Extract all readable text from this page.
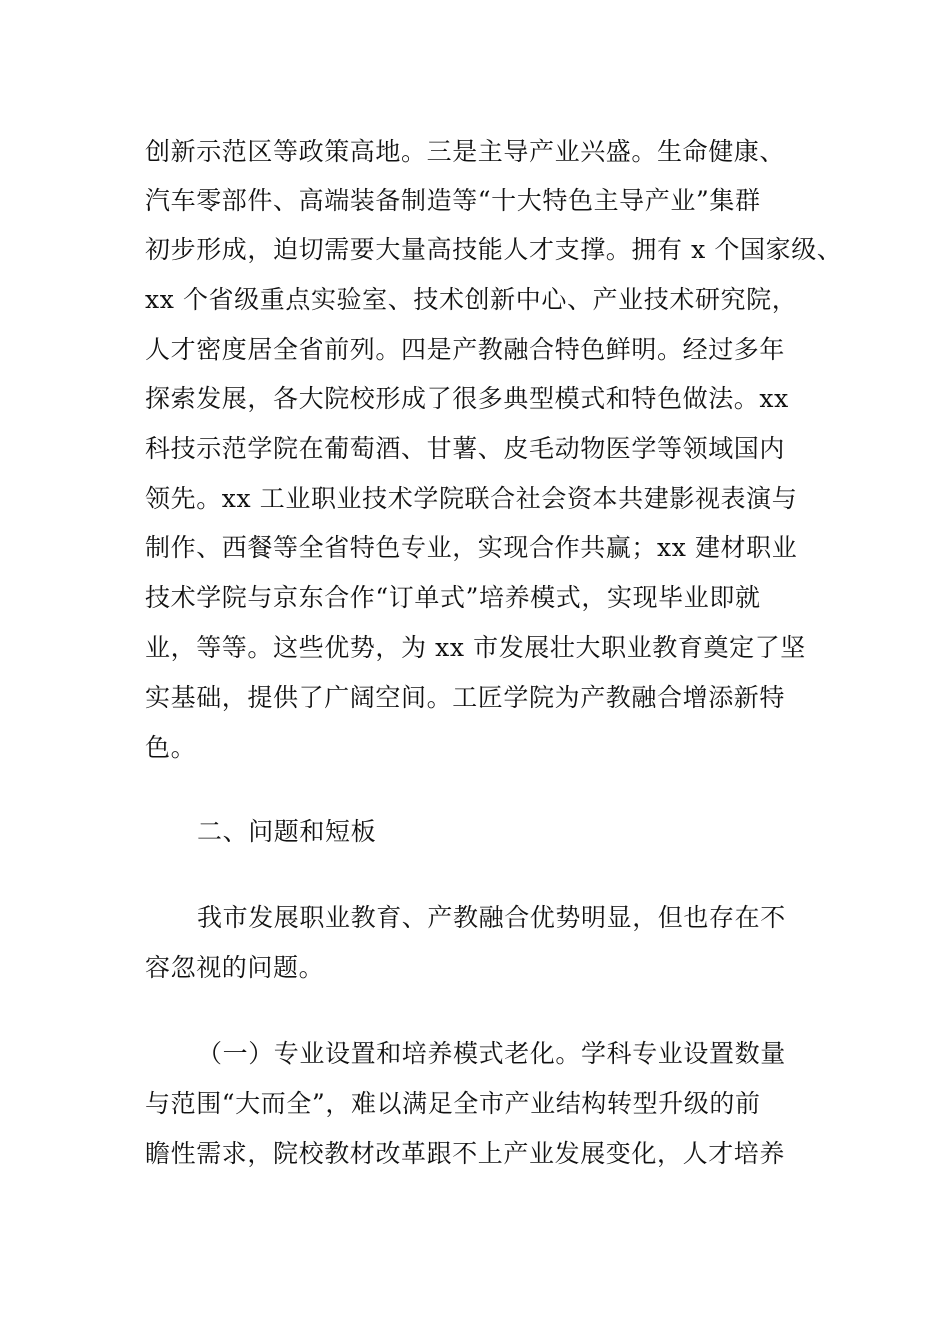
创新示范区等政策高地。三是主导产业兴盛。生命健康、
汽车零部件、高端装备制造等“十大特色主导产业”集群
初步形成，迫切需要大量高技能人才支撑。拥有 x 个国家级、
xx 个省级重点实验室、技术创新中心、产业技术研究院，
人才密度居全省前列。四是产教融合特色鲜明。经过多年
探索发展，各大院校形成了很多典型模式和特色做法。xx
科技示范学院在葡萄酒、甘薯、皮毛动物医学等领域国内
领先。xx 工业职业技术学院联合社会资本共建影视表演与
制作、西餐等全省特色专业，实现合作共赢；xx 建材职业
技术学院与京东合作“订单式”培养模式，实现毕业即就
业，等等。这些优势，为 xx 市发展壮大职业教育奠定了坚
实基础，提供了广阔空间。工匠学院为产教融合增添新特
色。
二、问题和短板
我市发展职业教育、产教融合优势明显，但也存在不
容忽视的问题。
（一）专业设置和培养模式老化。学科专业设置数量
与范围“大而全”，难以满足全市产业结构转型升级的前
瞻性需求，院校教材改革跟不上产业发展变化，人才培养
